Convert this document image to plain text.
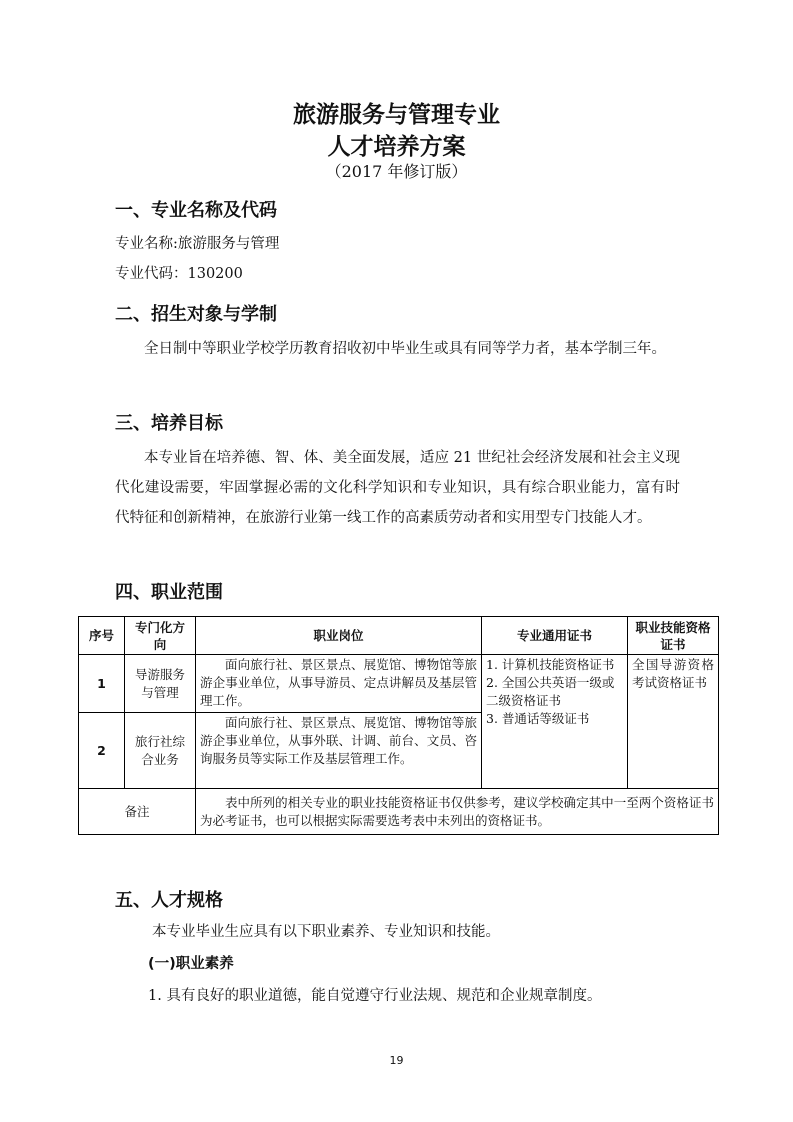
旅游服务与管理专业
人才培养方案
（2017 年修订版）
一、专业名称及代码
专业名称:旅游服务与管理
专业代码：130200
二、招生对象与学制
全日制中等职业学校学历教育招收初中毕业生或具有同等学力者，基本学制三年。
三、培养目标
本专业旨在培养德、智、体、美全面发展，适应 21 世纪社会经济发展和社会主义现代化建设需要，牢固掌握必需的文化科学知识和专业知识，具有综合职业能力，富有时代特征和创新精神，在旅游行业第一线工作的高素质劳动者和实用型专门技能人才。
四、职业范围
序号	专门化方向	职业岗位	专业通用证书	职业技能资格证书
1	导游服务与管理	面向旅行社、景区景点、展览馆、博物馆等旅游企事业单位，从事导游员、定点讲解员及基层管理工作。	1. 计算机技能资格证书
2. 全国公共英语一级或二级资格证书
3. 普通话等级证书	全国导游资格考试资格证书
2	旅行社综合业务	面向旅行社、景区景点、展览馆、博物馆等旅游企事业单位，从事外联、计调、前台、文员、咨询服务员等实际工作及基层管理工作。		
备注		表中所列的相关专业的职业技能资格证书仅供参考，建议学校确定其中一至两个资格证书为必考证书，也可以根据实际需要选考表中未列出的资格证书。		
五、人才规格
本专业毕业生应具有以下职业素养、专业知识和技能。
(一)职业素养
1. 具有良好的职业道德，能自觉遵守行业法规、规范和企业规章制度。
19
